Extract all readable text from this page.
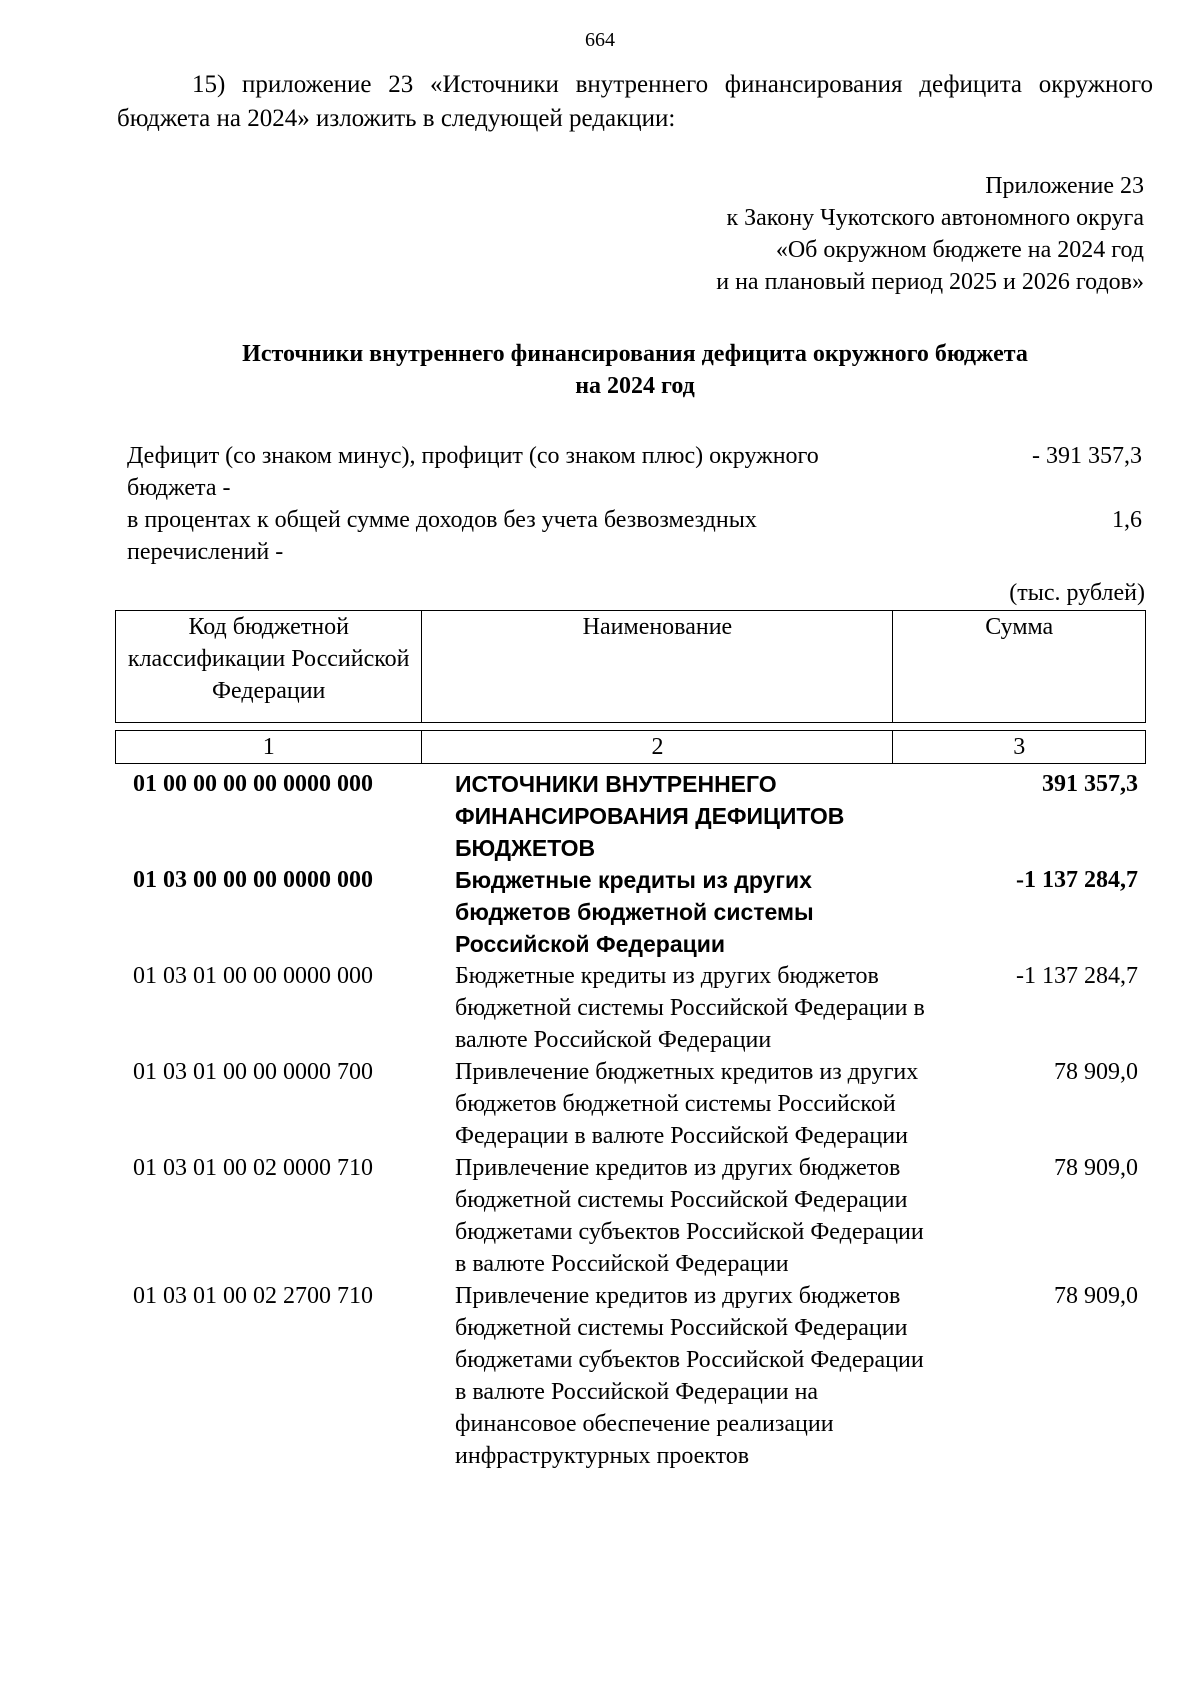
664
15) приложение 23 «Источники внутреннего финансирования дефицита окружного бюджета на 2024» изложить в следующей редакции:
Приложение 23
к Закону Чукотского автономного округа
«Об окружном бюджете на 2024 год
и на плановый период 2025 и 2026 годов»
Источники внутреннего финансирования дефицита окружного бюджета
на 2024 год
Дефицит (со знаком минус), профицит (со знаком плюс) окружного бюджета -
- 391 357,3
в процентах к общей сумме доходов без учета безвозмездных перечислений -
1,6
(тыс. рублей)
Код бюджетной классификации Российской Федерации	Наименование	Сумма

1	2	3
01 00 00 00 00 0000 000	ИСТОЧНИКИ ВНУТРЕННЕГО ФИНАНСИРОВАНИЯ ДЕФИЦИТОВ БЮДЖЕТОВ	391 357,3
01 03 00 00 00 0000 000	Бюджетные кредиты из других бюджетов бюджетной системы Российской Федерации	-1 137 284,7
01 03 01 00 00 0000 000	Бюджетные кредиты из других бюджетов бюджетной системы Российской Федерации в валюте Российской Федерации	-1 137 284,7
01 03 01 00 00 0000 700	Привлечение бюджетных кредитов из других бюджетов бюджетной системы Российской Федерации в валюте Российской Федерации	78 909,0
01 03 01 00 02 0000 710	Привлечение кредитов из других бюджетов бюджетной системы Российской Федерации бюджетами субъектов Российской Федерации в валюте Российской Федерации	78 909,0
01 03 01 00 02 2700 710	Привлечение кредитов из других бюджетов бюджетной системы Российской Федерации бюджетами субъектов Российской Федерации в валюте Российской Федерации на финансовое обеспечение реализации инфраструктурных проектов	78 909,0
